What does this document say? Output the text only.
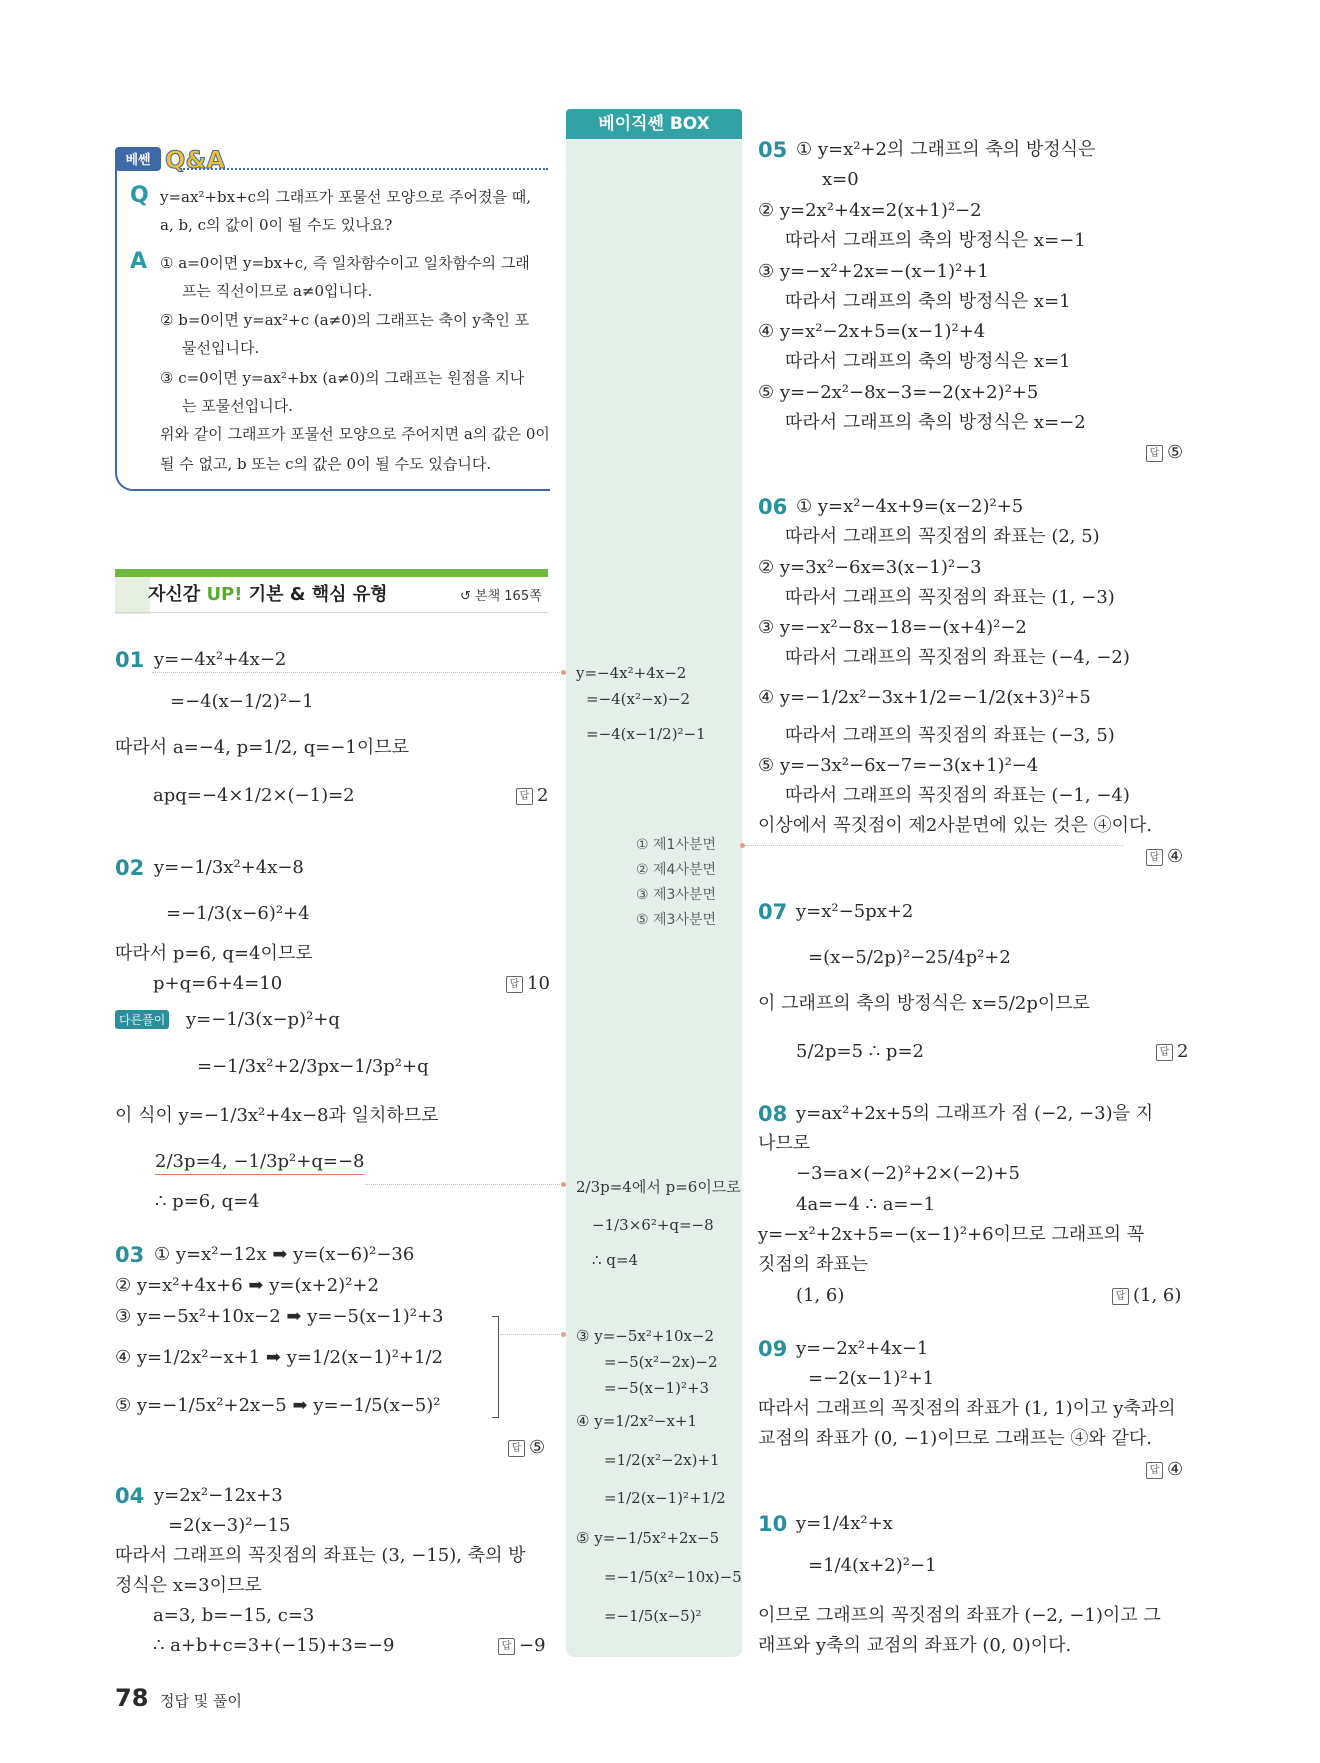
베쎈 Q&A
Q
A
y=ax²+bx+c의 그래프가 포물선 모양으로 주어졌을 때,
a, b, c의 값이 0이 될 수도 있나요?
① a=0이면 y=bx+c, 즉 일차함수이고 일차함수의 그래
프는 직선이므로 a≠0입니다.
② b=0이면 y=ax²+c (a≠0)의 그래프는 축이 y축인 포
물선입니다.
③ c=0이면 y=ax²+bx (a≠0)의 그래프는 원점을 지나
는 포물선입니다.
위와 같이 그래프가 포물선 모양으로 주어지면 a의 값은 0이
될 수 없고, b 또는 c의 값은 0이 될 수도 있습니다.
자신감 UP! 기본 & 핵심 유형	↺ 본책 165쪽
베이직쎈 BOX
01 y=−4x²+4x−2
=−4(x−1/2)²−1
따라서 a=−4, p=1/2, q=−1이므로
apq=−4×1/2×(−1)=2	답 2
02 y=−1/3x²+4x−8
=−1/3(x−6)²+4
따라서 p=6, q=4이므로
p+q=6+4=10	답 10
다른풀이 y=−1/3(x−p)²+q
=−1/3x²+2/3px−1/3p²+q
이 식이 y=−1/3x²+4x−8과 일치하므로
2/3p=4, −1/3p²+q=−8
∴ p=6, q=4
03 ① y=x²−12x ➡ y=(x−6)²−36
② y=x²+4x+6 ➡ y=(x+2)²+2
③ y=−5x²+10x−2 ➡ y=−5(x−1)²+3
④ y=1/2x²−x+1 ➡ y=1/2(x−1)²+1/2
⑤ y=−1/5x²+2x−5 ➡ y=−1/5(x−5)²
답 ⑤
04 y=2x²−12x+3
=2(x−3)²−15
따라서 그래프의 꼭짓점의 좌표는 (3, −15), 축의 방
정식은 x=3이므로
a=3, b=−15, c=3
∴ a+b+c=3+(−15)+3=−9	답 −9
y=−4x²+4x−2
=−4(x²−x)−2
=−4(x−1/2)²−1
① 제1사분면
② 제4사분면
③ 제3사분면
⑤ 제3사분면
2/3p=4에서 p=6이므로
−1/3×6²+q=−8
∴ q=4
③ y=−5x²+10x−2
=−5(x²−2x)−2
=−5(x−1)²+3
④ y=1/2x²−x+1
=1/2(x²−2x)+1
=1/2(x−1)²+1/2
⑤ y=−1/5x²+2x−5
=−1/5(x²−10x)−5
=−1/5(x−5)²
05 ① y=x²+2의 그래프의 축의 방정식은
x=0
② y=2x²+4x=2(x+1)²−2
따라서 그래프의 축의 방정식은 x=−1
③ y=−x²+2x=−(x−1)²+1
따라서 그래프의 축의 방정식은 x=1
④ y=x²−2x+5=(x−1)²+4
따라서 그래프의 축의 방정식은 x=1
⑤ y=−2x²−8x−3=−2(x+2)²+5
따라서 그래프의 축의 방정식은 x=−2
답 ⑤
06 ① y=x²−4x+9=(x−2)²+5
따라서 그래프의 꼭짓점의 좌표는 (2, 5)
② y=3x²−6x=3(x−1)²−3
따라서 그래프의 꼭짓점의 좌표는 (1, −3)
③ y=−x²−8x−18=−(x+4)²−2
따라서 그래프의 꼭짓점의 좌표는 (−4, −2)
④ y=−1/2x²−3x+1/2=−1/2(x+3)²+5
따라서 그래프의 꼭짓점의 좌표는 (−3, 5)
⑤ y=−3x²−6x−7=−3(x+1)²−4
따라서 그래프의 꼭짓점의 좌표는 (−1, −4)
이상에서 꼭짓점이 제2사분면에 있는 것은 ④이다.
답 ④
07 y=x²−5px+2
=(x−5/2p)²−25/4p²+2
이 그래프의 축의 방정식은 x=5/2p이므로
5/2p=5 ∴ p=2	답 2
08 y=ax²+2x+5의 그래프가 점 (−2, −3)을 지
나므로
−3=a×(−2)²+2×(−2)+5
4a=−4 ∴ a=−1
y=−x²+2x+5=−(x−1)²+6이므로 그래프의 꼭
짓점의 좌표는
(1, 6)	답 (1, 6)
09 y=−2x²+4x−1
=−2(x−1)²+1
따라서 그래프의 꼭짓점의 좌표가 (1, 1)이고 y축과의
교점의 좌표가 (0, −1)이므로 그래프는 ④와 같다.
답 ④
10 y=1/4x²+x
=1/4(x+2)²−1
이므로 그래프의 꼭짓점의 좌표가 (−2, −1)이고 그
래프와 y축의 교점의 좌표가 (0, 0)이다.
78 정답 및 풀이
